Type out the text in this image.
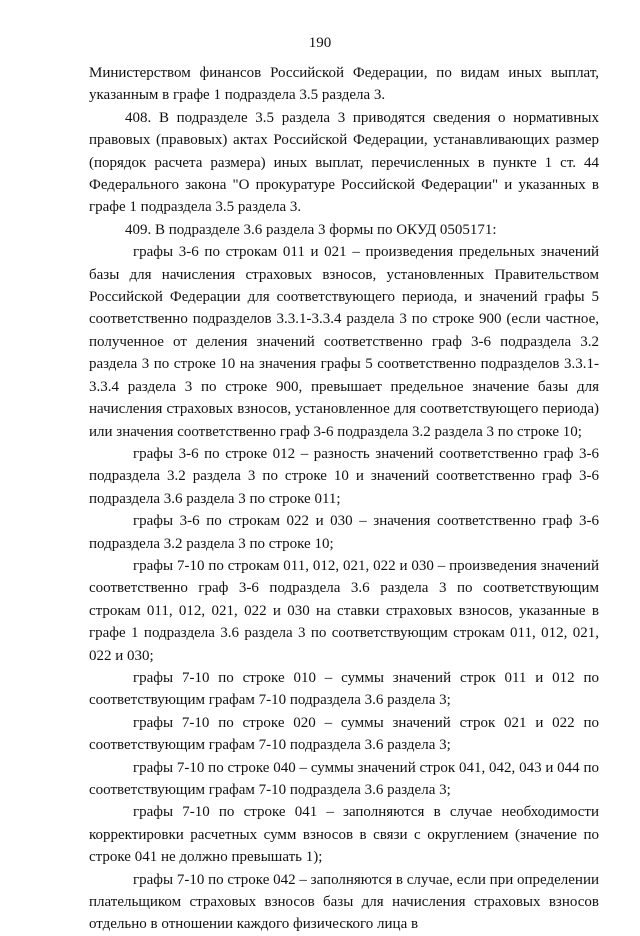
190

Министерством финансов Российской Федерации, по видам иных выплат, указанным в графе 1 подраздела 3.5 раздела 3.

408. В подразделе 3.5 раздела 3 приводятся сведения о нормативных правовых (правовых) актах Российской Федерации, устанавливающих размер (порядок расчета размера) иных выплат, перечисленных в пункте 1 ст. 44 Федерального закона "О прокуратуре Российской Федерации" и указанных в графе 1 подраздела 3.5 раздела 3.

409. В подразделе 3.6 раздела 3 формы по ОКУД 0505171:

графы 3-6 по строкам 011 и 021 – произведения предельных значений базы для начисления страховых взносов, установленных Правительством Российской Федерации для соответствующего периода, и значений графы 5 соответственно подразделов 3.3.1-3.3.4 раздела 3 по строке 900 (если частное, полученное от деления значений соответственно граф 3-6 подраздела 3.2 раздела 3 по строке 10 на значения графы 5 соответственно подразделов 3.3.1-3.3.4 раздела 3 по строке 900, превышает предельное значение базы для начисления страховых взносов, установленное для соответствующего периода) или значения соответственно граф 3-6 подраздела 3.2 раздела 3 по строке 10;

графы 3-6 по строке 012 – разность значений соответственно граф 3-6 подраздела 3.2 раздела 3 по строке 10 и значений соответственно граф 3-6 подраздела 3.6 раздела 3 по строке 011;

графы 3-6 по строкам 022 и 030 – значения соответственно граф 3-6 подраздела 3.2 раздела 3 по строке 10;

графы 7-10 по строкам 011, 012, 021, 022 и 030 – произведения значений соответственно граф 3-6 подраздела 3.6 раздела 3 по соответствующим строкам 011, 012, 021, 022 и 030 на ставки страховых взносов, указанные в графе 1 подраздела 3.6 раздела 3 по соответствующим строкам 011, 012, 021, 022 и 030;

графы 7-10 по строке 010 – суммы значений строк 011 и 012 по соответствующим графам 7-10 подраздела 3.6 раздела 3;

графы 7-10 по строке 020 – суммы значений строк 021 и 022 по соответствующим графам 7-10 подраздела 3.6 раздела 3;

графы 7-10 по строке 040 – суммы значений строк 041, 042, 043 и 044 по соответствующим графам 7-10 подраздела 3.6 раздела 3;

графы 7-10 по строке 041 – заполняются в случае необходимости корректировки расчетных сумм взносов в связи с округлением (значение по строке 041 не должно превышать 1);

графы 7-10 по строке 042 – заполняются в случае, если при определении плательщиком страховых взносов базы для начисления страховых взносов отдельно в отношении каждого физического лица в
